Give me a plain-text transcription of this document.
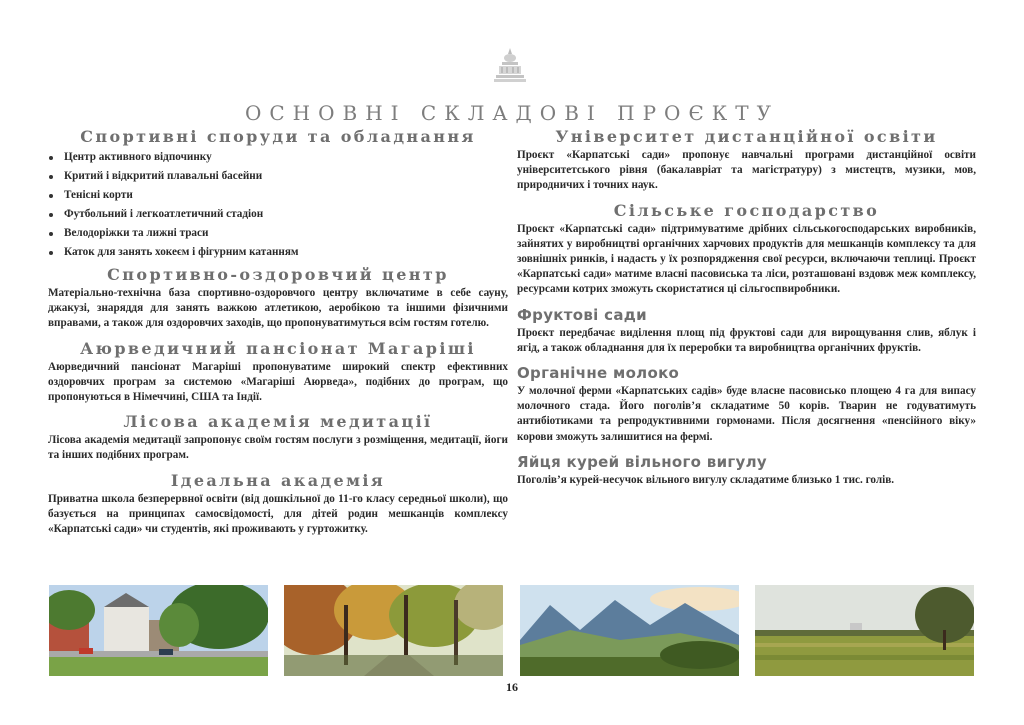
ОСНОВНІ СКЛАДОВІ ПРОЄКТУ
Спортивні споруди та обладнання
Центр активного відпочинку
Критий і відкритий плавальні басейни
Тенісні корти
Футбольний і легкоатлетичний стадіон
Велодоріжки та лижні траси
Каток для занять хокеєм і фігурним катанням
Спортивно-оздоровчий центр

Матеріально-технічна база спортивно-оздоровчого центру включатиме в себе сауну, джакузі, знаряддя для занять важкою атлетикою, аеробікою та іншими фізичними вправами, а також для оздоровчих заходів, що пропонуватимуться всім гостям готелю.

Аюрведичний пансіонат Магаріші

Аюрведичний пансіонат Магаріші пропонуватиме широкий спектр ефективних оздоровчих програм за системою «Магаріші Аюрведа», подібних до програм, що пропонуються в Німеччині, США та Індії.

Лісова академія медитації

Лісова академія медитації запропонує своїм гостям послуги з розміщення, медитації, йоги та інших подібних програм.

Ідеальна академія

Приватна школа безперервної освіти (від дошкільної до 11-го класу середньої школи), що базується на принципах самосвідомості, для дітей родин мешканців комплексу «Карпатські сади» чи студентів, які проживають у гуртожитку.

Університет дистанційної освіти

Проєкт «Карпатські сади» пропонує навчальні програми дистанційної освіти університетського рівня (бакалавріат та магістратуру) з мистецтв, музики, мов, природничих і точних наук.

Сільське господарство

Проєкт «Карпатські сади» підтримуватиме дрібних сільськогосподарських виробників, зайнятих у виробництві органічних харчових продуктів для мешканців комплексу та для зовнішніх ринків, і надасть у їх розпорядження свої ресурси, включаючи теплиці. Проєкт «Карпатські сади» матиме власні пасовиська та ліси, розташовані вздовж меж комплексу, ресурсами котрих зможуть скористатися ці сільгоспвиробники.

Фруктові сади

Проєкт передбачає виділення площ під фруктові сади для вирощування слив, яблук і ягід, а також обладнання для їх переробки та виробництва органічних фруктів.

Органічне молоко

У молочної ферми «Карпатських садів» буде власне пасовисько площею 4 га для випасу молочного стада. Його поголів’я складатиме 50 корів. Тварин не годуватимуть антибіотиками та репродуктивними гормонами. Після досягнення «пенсійного віку» корови зможуть залишитися на фермі.

Яйця курей вільного вигулу

Поголів’я курей-несучок вільного вигулу складатиме близько 1 тис. голів.

16
